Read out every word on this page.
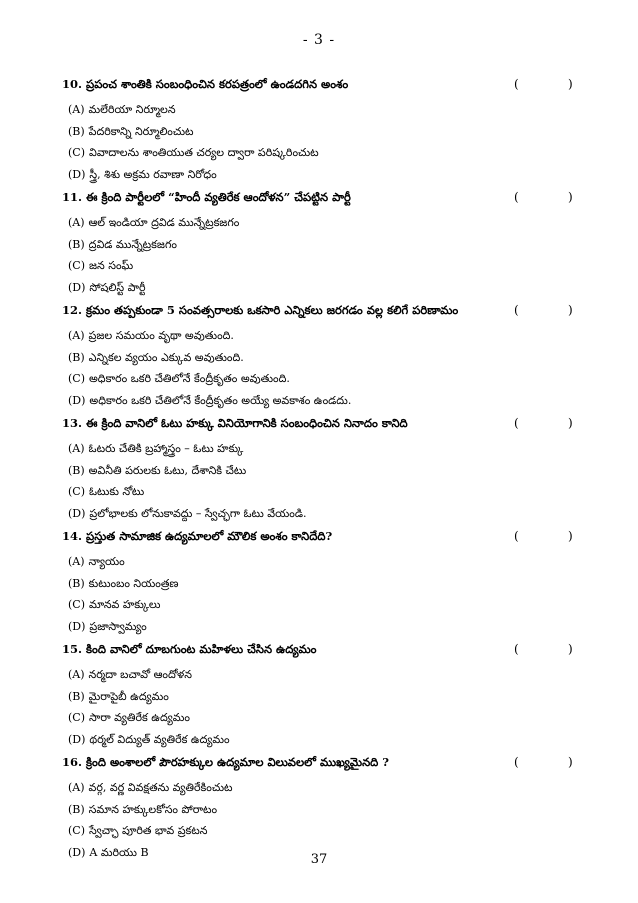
- 3 -
10. ప్రపంచ శాంతికి సంబంధించిన కరపత్రంలో ఉండదగిన అంశం	(	)
(A) మలేరియా నిర్మూలన
(B) పేదరికాన్ని నిర్మూలించుట
(C) వివాదాలను శాంతియుత చర్యల ద్వారా పరిష్కరించుట
(D) స్త్రీ, శిశు అక్రమ రవాణా నిరోధం
11. ఈ క్రింది పార్టీలలో “హిందీ వ్యతిరేక ఆందోళన” చేపట్టిన పార్టీ	(	)
(A) ఆల్ ఇండియా ద్రవిడ మున్నేట్రకజగం
(B) ద్రవిడ మున్నేట్రకజగం
(C) జన సంఘ్
(D) సోషలిస్ట్ పార్టీ
12. క్రమం తప్పకుండా 5 సంవత్సరాలకు ఒకసారి ఎన్నికలు జరగడం వల్ల కలిగే పరిణామం	(	)
(A) ప్రజల సమయం వృథా అవుతుంది.
(B) ఎన్నికల వ్యయం ఎక్కువ అవుతుంది.
(C) అధికారం ఒకరి చేతిలోనే కేంద్రీకృతం అవుతుంది.
(D) అధికారం ఒకరి చేతిలోనే కేంద్రీకృతం అయ్యే అవకాశం ఉండదు.
13. ఈ క్రింది వానిలో ఓటు హక్కు వినియోగానికి సంబంధించిన నినాదం కానిది	(	)
(A) ఓటరు చేతికి బ్రహ్మాస్త్రం – ఓటు హక్కు
(B) అవినీతి పరులకు ఓటు, దేశానికి చేటు
(C) ఓటుకు నోటు
(D) ప్రలోభాలకు లోనుకావద్దు – స్వేచ్ఛగా ఓటు వేయండి.
14. ప్రస్తుత సామాజిక ఉద్యమాలలో మౌలిక అంశం కానిదేది?	(	)
(A) న్యాయం
(B) కుటుంబం నియంత్రణ
(C) మానవ హక్కులు
(D) ప్రజాస్వామ్యం
15. కింది వానిలో దూబగుంట మహిళలు చేసిన ఉద్యమం	(	)
(A) నర్మదా బచావో ఆందోళన
(B) మైరాపైబీ ఉద్యమం
(C) సారా వ్యతిరేక ఉద్యమం
(D) థర్మల్ విద్యుత్ వ్యతిరేక ఉద్యమం
16. క్రింది అంశాలలో పౌరహక్కుల ఉద్యమాల విలువలలో ముఖ్యమైనది ?	(	)
(A) వర్గ, వర్ణ వివక్షతను వ్యతిరేకించుట
(B) సమాన హక్కులకోసం పోరాటం
(C) స్వేచ్ఛా పూరిత భావ ప్రకటన
(D) A మరియు B	37
